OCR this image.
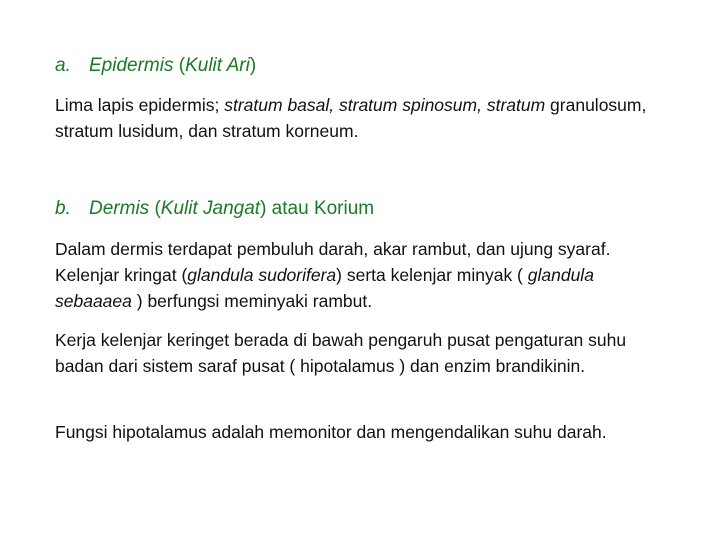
a. Epidermis (Kulit Ari)

Lima lapis epidermis; stratum basal, stratum spinosum, stratum granulosum, stratum lusidum, dan stratum korneum.

b. Dermis (Kulit Jangat) atau Korium

Dalam dermis terdapat pembuluh darah, akar rambut, dan ujung syaraf. Kelenjar kringat (glandula sudorifera) serta kelenjar minyak ( glandula sebaaaea ) berfungsi meminyaki rambut.

Kerja kelenjar keringet berada di bawah pengaruh pusat pengaturan suhu badan dari sistem saraf pusat ( hipotalamus ) dan enzim brandikinin.

Fungsi hipotalamus adalah memonitor dan mengendalikan suhu darah.
